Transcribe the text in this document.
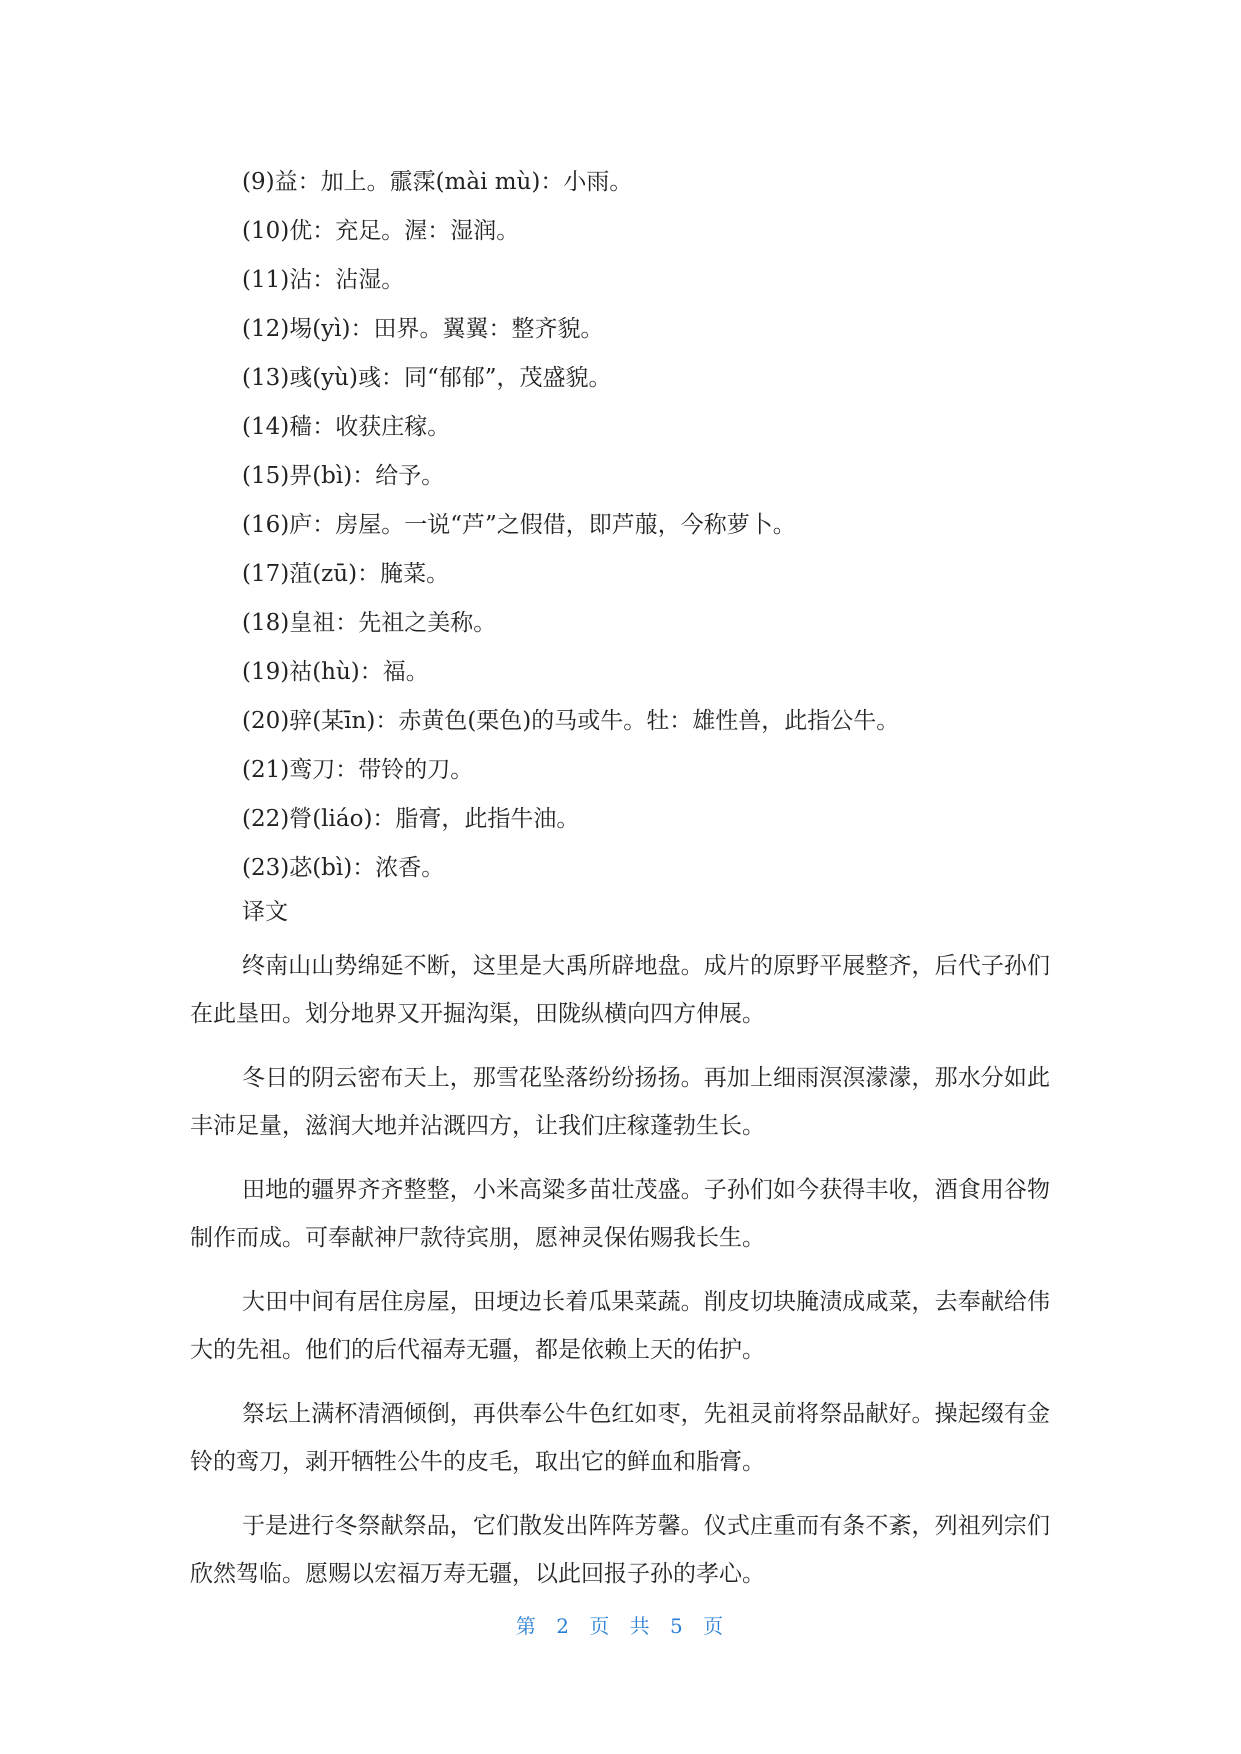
(9)益：加上。霢霂(mài mù)：小雨。
(10)优：充足。渥：湿润。
(11)沾：沾湿。
(12)埸(yì)：田界。翼翼：整齐貌。
(13)彧(yù)彧：同“郁郁”，茂盛貌。
(14)穑：收获庄稼。
(15)畀(bì)：给予。
(16)庐：房屋。一说“芦”之假借，即芦菔，今称萝卜。
(17)菹(zū)：腌菜。
(18)皇祖：先祖之美称。
(19)祜(hù)：福。
(20)骍(某īn)：赤黄色(栗色)的马或牛。牡：雄性兽，此指公牛。
(21)鸾刀：带铃的刀。
(22)膋(liáo)：脂膏，此指牛油。
(23)苾(bì)：浓香。
译文

终南山山势绵延不断，这里是大禹所辟地盘。成片的原野平展整齐，后代子孙们在此垦田。划分地界又开掘沟渠，田陇纵横向四方伸展。

冬日的阴云密布天上，那雪花坠落纷纷扬扬。再加上细雨溟溟濛濛，那水分如此丰沛足量，滋润大地并沾溉四方，让我们庄稼蓬勃生长。

田地的疆界齐齐整整，小米高粱多苗壮茂盛。子孙们如今获得丰收，酒食用谷物制作而成。可奉献神尸款待宾朋，愿神灵保佑赐我长生。

大田中间有居住房屋，田埂边长着瓜果菜蔬。削皮切块腌渍成咸菜，去奉献给伟大的先祖。他们的后代福寿无疆，都是依赖上天的佑护。

祭坛上满杯清酒倾倒，再供奉公牛色红如枣，先祖灵前将祭品献好。操起缀有金铃的鸾刀，剥开牺牲公牛的皮毛，取出它的鲜血和脂膏。

于是进行冬祭献祭品，它们散发出阵阵芳馨。仪式庄重而有条不紊，列祖列宗们欣然驾临。愿赐以宏福万寿无疆，以此回报子孙的孝心。

第 2 页 共 5 页
